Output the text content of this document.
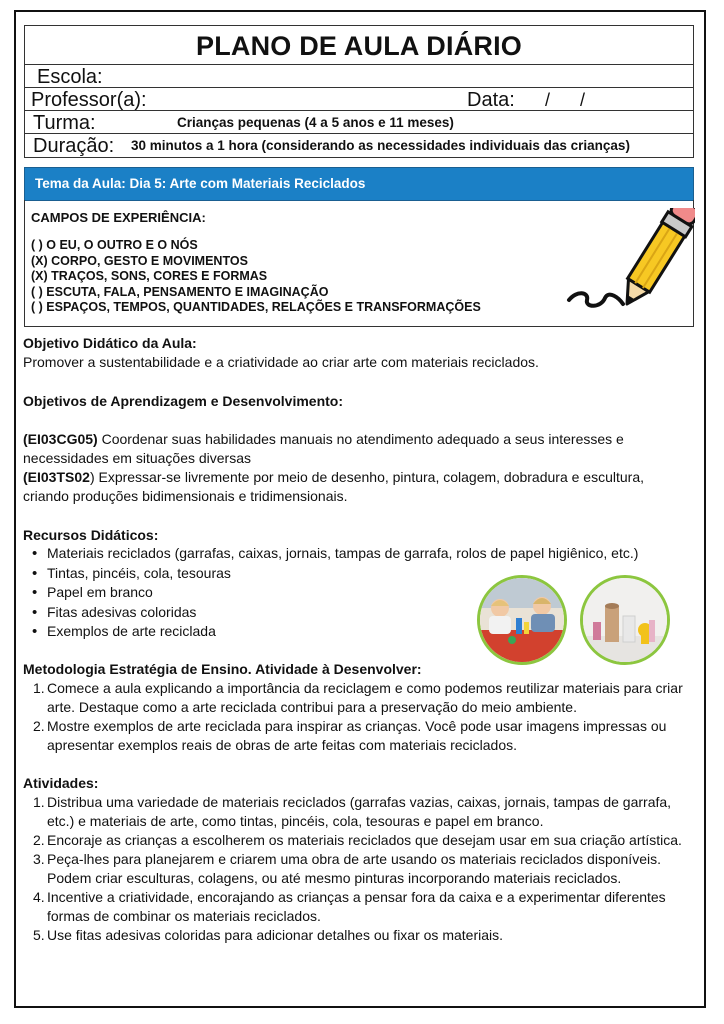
PLANO DE AULA DIÁRIO
Escola:
Professor(a):	Data: /      /
Turma:	Crianças pequenas (4 a 5 anos e 11 meses)
Duração: 30 minutos a 1 hora (considerando as necessidades individuais das crianças)
Tema da Aula: Dia 5: Arte com Materiais Reciclados
CAMPOS DE EXPERIÊNCIA:
( ) O EU, O OUTRO E O NÓS
(X) CORPO, GESTO E MOVIMENTOS
(X) TRAÇOS, SONS, CORES E FORMAS
( ) ESCUTA, FALA, PENSAMENTO E IMAGINAÇÃO
( ) ESPAÇOS, TEMPOS, QUANTIDADES, RELAÇÕES E TRANSFORMAÇÕES
Objetivo Didático da Aula:
Promover a sustentabilidade e a criatividade ao criar arte com materiais reciclados.
Objetivos de Aprendizagem e Desenvolvimento:
(EI03CG05) Coordenar suas habilidades manuais no atendimento adequado a seus interesses e necessidades em situações diversas
(EI03TS02) Expressar-se livremente por meio de desenho, pintura, colagem, dobradura e escultura, criando produções bidimensionais e tridimensionais.
Recursos Didáticos:
• Materiais reciclados (garrafas, caixas, jornais, tampas de garrafa, rolos de papel higiênico, etc.)
• Tintas, pincéis, cola, tesouras
• Papel em branco
• Fitas adesivas coloridas
• Exemplos de arte reciclada
Metodologia Estratégia de Ensino. Atividade à Desenvolver:
1. Comece a aula explicando a importância da reciclagem e como podemos reutilizar materiais para criar arte. Destaque como a arte reciclada contribui para a preservação do meio ambiente.
2. Mostre exemplos de arte reciclada para inspirar as crianças. Você pode usar imagens impressas ou apresentar exemplos reais de obras de arte feitas com materiais reciclados.
Atividades:
1. Distribua uma variedade de materiais reciclados (garrafas vazias, caixas, jornais, tampas de garrafa, etc.) e materiais de arte, como tintas, pincéis, cola, tesouras e papel em branco.
2. Encoraje as crianças a escolherem os materiais reciclados que desejam usar em sua criação artística.
3. Peça-lhes para planejarem e criarem uma obra de arte usando os materiais reciclados disponíveis. Podem criar esculturas, colagens, ou até mesmo pinturas incorporando materiais reciclados.
4. Incentive a criatividade, encorajando as crianças a pensar fora da caixa e a experimentar diferentes formas de combinar os materiais reciclados.
5. Use fitas adesivas coloridas para adicionar detalhes ou fixar os materiais.
